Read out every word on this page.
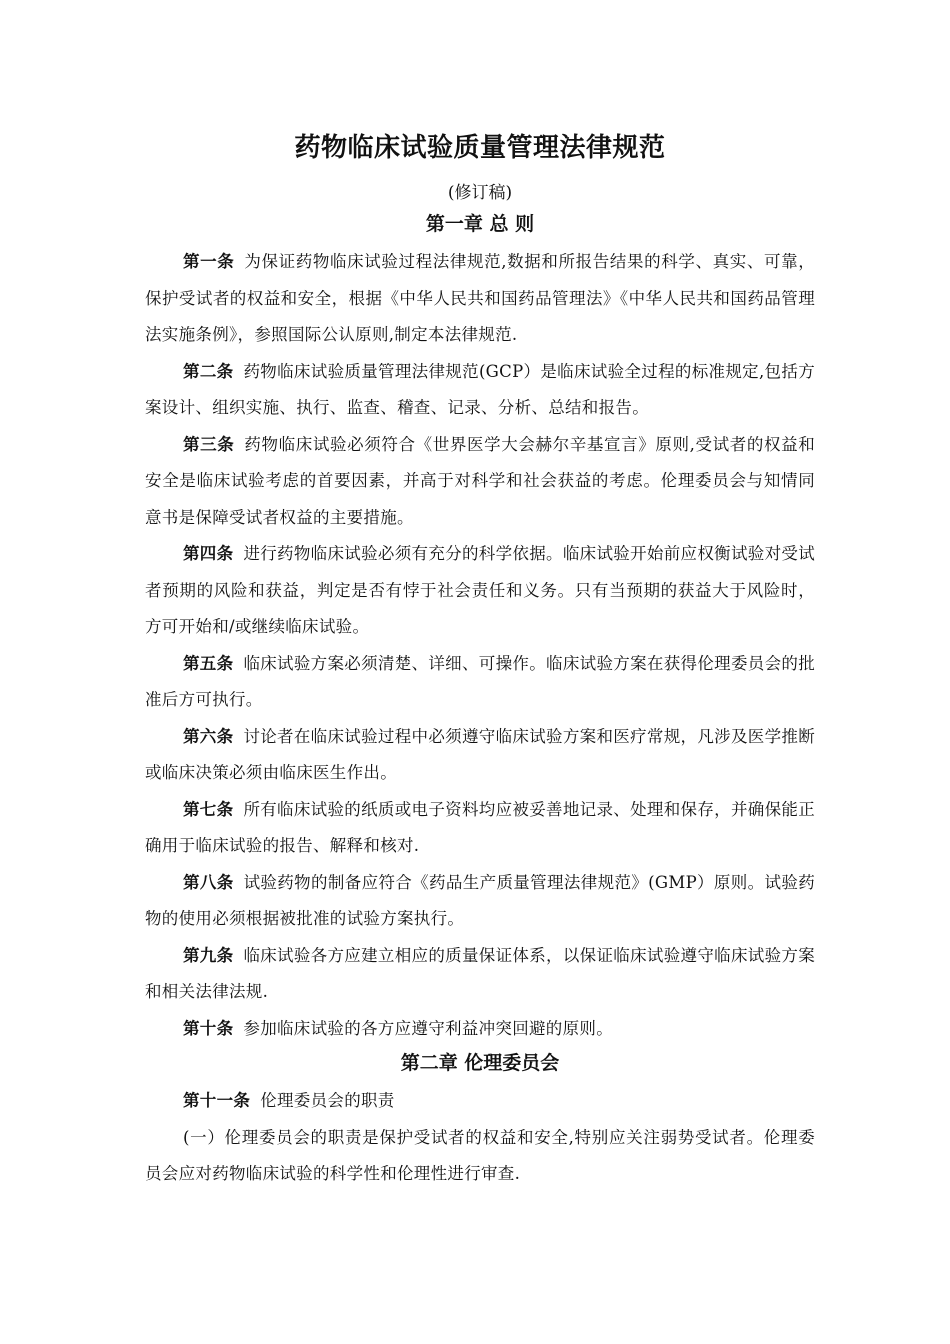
药物临床试验质量管理法律规范
(修订稿)
第一章 总 则

第一条 为保证药物临床试验过程法律规范,数据和所报告结果的科学、真实、可靠，保护受试者的权益和安全，根据《中华人民共和国药品管理法》《中华人民共和国药品管理法实施条例》，参照国际公认原则,制定本法律规范.

第二条 药物临床试验质量管理法律规范(GCP）是临床试验全过程的标准规定,包括方案设计、组织实施、执行、监查、稽查、记录、分析、总结和报告。

第三条 药物临床试验必须符合《世界医学大会赫尔辛基宣言》原则,受试者的权益和安全是临床试验考虑的首要因素，并高于对科学和社会获益的考虑。伦理委员会与知情同意书是保障受试者权益的主要措施。

第四条 进行药物临床试验必须有充分的科学依据。临床试验开始前应权衡试验对受试者预期的风险和获益，判定是否有悖于社会责任和义务。只有当预期的获益大于风险时，方可开始和/或继续临床试验。

第五条 临床试验方案必须清楚、详细、可操作。临床试验方案在获得伦理委员会的批准后方可执行。

第六条 讨论者在临床试验过程中必须遵守临床试验方案和医疗常规，凡涉及医学推断或临床决策必须由临床医生作出。

第七条 所有临床试验的纸质或电子资料均应被妥善地记录、处理和保存，并确保能正确用于临床试验的报告、解释和核对.

第八条 试验药物的制备应符合《药品生产质量管理法律规范》(GMP）原则。试验药物的使用必须根据被批准的试验方案执行。

第九条 临床试验各方应建立相应的质量保证体系，以保证临床试验遵守临床试验方案和相关法律法规.

第十条 参加临床试验的各方应遵守利益冲突回避的原则。

第二章 伦理委员会

第十一条 伦理委员会的职责

(一）伦理委员会的职责是保护受试者的权益和安全,特别应关注弱势受试者。伦理委员会应对药物临床试验的科学性和伦理性进行审查.
